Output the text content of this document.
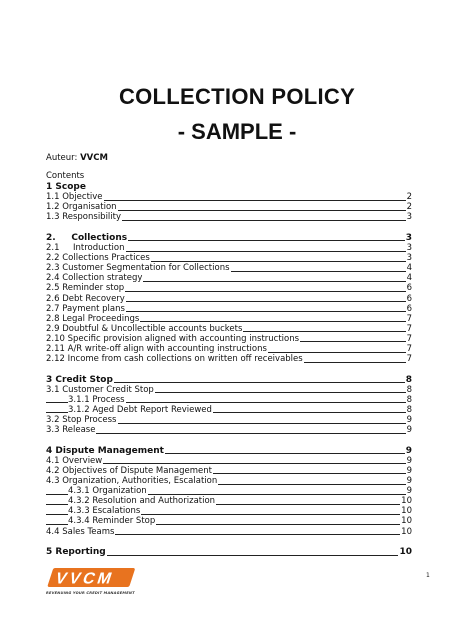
COLLECTION POLICY
- SAMPLE -
Auteur: VVCM
Contents
1 Scope
1.1 Objective	2
1.2 Organisation	2
1.3 Responsibility	3
2.     Collections	3
2.1     Introduction	3
2.2 Collections Practices	3
2.3 Customer Segmentation for Collections	4
2.4 Collection strategy	4
2.5 Reminder stop	6
2.6 Debt Recovery	6
2.7 Payment plans	6
2.8 Legal Proceedings	7
2.9 Doubtful & Uncollectible accounts buckets	7
2.10 Specific provision aligned with accounting instructions	7
2.11 A/R write-off align with accounting instructions	7
2.12 Income from cash collections on written off receivables	7
3 Credit Stop	8
3.1 Customer Credit Stop	8
3.1.1 Process	8
3.1.2 Aged Debt Report Reviewed	8
3.2 Stop Process	9
3.3 Release	9
4 Dispute Management	9
4.1 Overview	9
4.2 Objectives of Dispute Management	9
4.3 Organization, Authorities, Escalation	9
4.3.1 Organization	9
4.3.2 Resolution and Authorization	10
4.3.3 Escalations	10
4.3.4 Reminder Stop	10
4.4 Sales Teams	10
5 Reporting	10
VVCM
REVENUING YOUR CREDIT MANAGEMENT
1
